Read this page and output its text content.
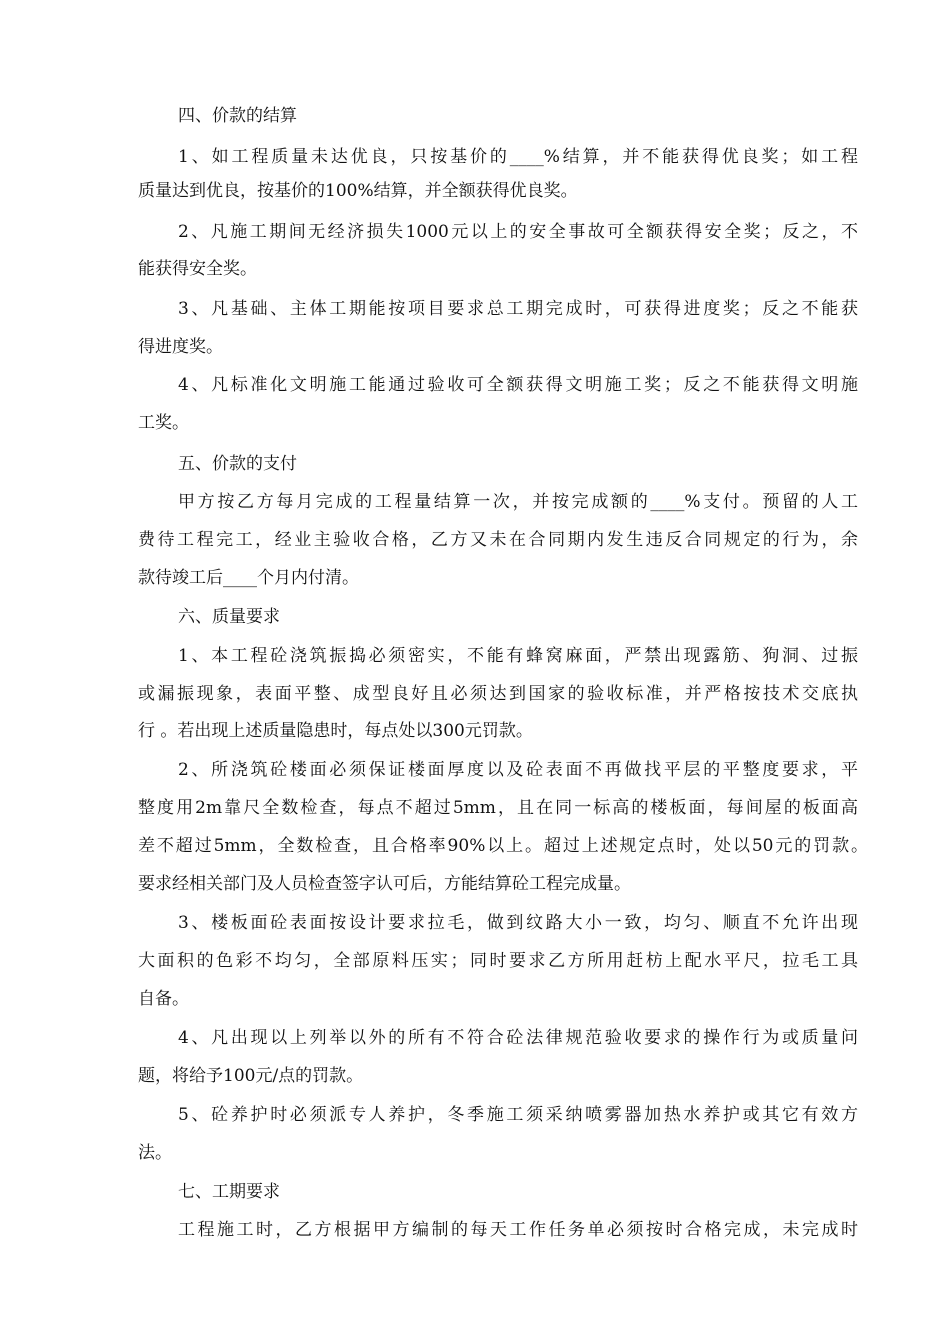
四、价款的结算
1、如工程质量未达优良，只按基价的____%结算，并不能获得优良奖；如工程
质量达到优良，按基价的100%结算，并全额获得优良奖。
2、凡施工期间无经济损失1000元以上的安全事故可全额获得安全奖；反之，不
能获得安全奖。
3、凡基础、主体工期能按项目要求总工期完成时，可获得进度奖；反之不能获
得进度奖。
4、凡标准化文明施工能通过验收可全额获得文明施工奖；反之不能获得文明施
工奖。
五、价款的支付
甲方按乙方每月完成的工程量结算一次，并按完成额的____%支付。预留的人工
费待工程完工，经业主验收合格，乙方又未在合同期内发生违反合同规定的行为，余
款待竣工后____个月内付清。
六、质量要求
1、本工程砼浇筑振捣必须密实，不能有蜂窝麻面，严禁出现露筋、狗洞、过振
或漏振现象，表面平整、成型良好且必须达到国家的验收标准，并严格按技术交底执
行 。若出现上述质量隐患时，每点处以300元罚款。
2、所浇筑砼楼面必须保证楼面厚度以及砼表面不再做找平层的平整度要求，平
整度用2m靠尺全数检查，每点不超过5mm，且在同一标高的楼板面，每间屋的板面高
差不超过5mm，全数检查，且合格率90%以上。超过上述规定点时，处以50元的罚款。
要求经相关部门及人员检查签字认可后，方能结算砼工程完成量。
3、楼板面砼表面按设计要求拉毛，做到纹路大小一致，均匀、顺直不允许出现
大面积的色彩不均匀，全部原料压实；同时要求乙方所用赶枋上配水平尺，拉毛工具
自备。
4、凡出现以上列举以外的所有不符合砼法律规范验收要求的操作行为或质量问
题，将给予100元/点的罚款。
5、砼养护时必须派专人养护，冬季施工须采纳喷雾器加热水养护或其它有效方
法。
七、工期要求
工程施工时，乙方根据甲方编制的每天工作任务单必须按时合格完成，未完成时
